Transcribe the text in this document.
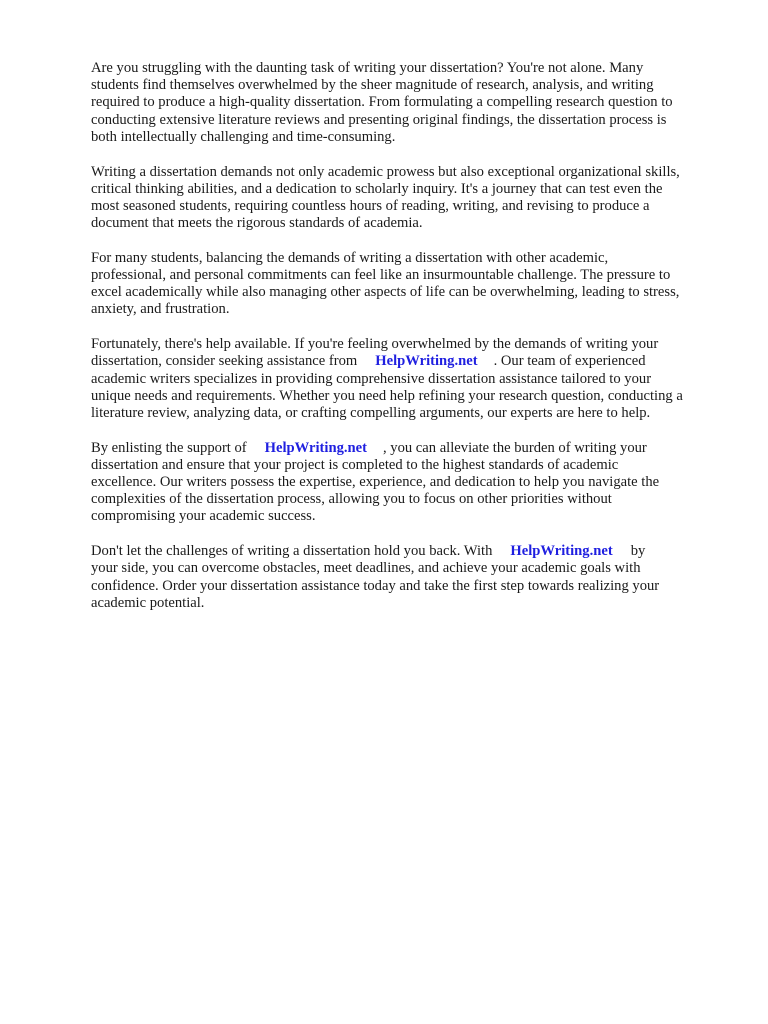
Are you struggling with the daunting task of writing your dissertation? You're not alone. Many
students find themselves overwhelmed by the sheer magnitude of research, analysis, and writing
required to produce a high-quality dissertation. From formulating a compelling research question to
conducting extensive literature reviews and presenting original findings, the dissertation process is
both intellectually challenging and time-consuming.

Writing a dissertation demands not only academic prowess but also exceptional organizational skills,
critical thinking abilities, and a dedication to scholarly inquiry. It's a journey that can test even the
most seasoned students, requiring countless hours of reading, writing, and revising to produce a
document that meets the rigorous standards of academia.

For many students, balancing the demands of writing a dissertation with other academic,
professional, and personal commitments can feel like an insurmountable challenge. The pressure to
excel academically while also managing other aspects of life can be overwhelming, leading to stress,
anxiety, and frustration.

Fortunately, there's help available. If you're feeling overwhelmed by the demands of writing your
dissertation, consider seeking assistance from HelpWriting.net . Our team of experienced
academic writers specializes in providing comprehensive dissertation assistance tailored to your
unique needs and requirements. Whether you need help refining your research question, conducting a
literature review, analyzing data, or crafting compelling arguments, our experts are here to help.

By enlisting the support of HelpWriting.net , you can alleviate the burden of writing your
dissertation and ensure that your project is completed to the highest standards of academic
excellence. Our writers possess the expertise, experience, and dedication to help you navigate the
complexities of the dissertation process, allowing you to focus on other priorities without
compromising your academic success.

Don't let the challenges of writing a dissertation hold you back. With HelpWriting.net by
your side, you can overcome obstacles, meet deadlines, and achieve your academic goals with
confidence. Order your dissertation assistance today and take the first step towards realizing your
academic potential.
